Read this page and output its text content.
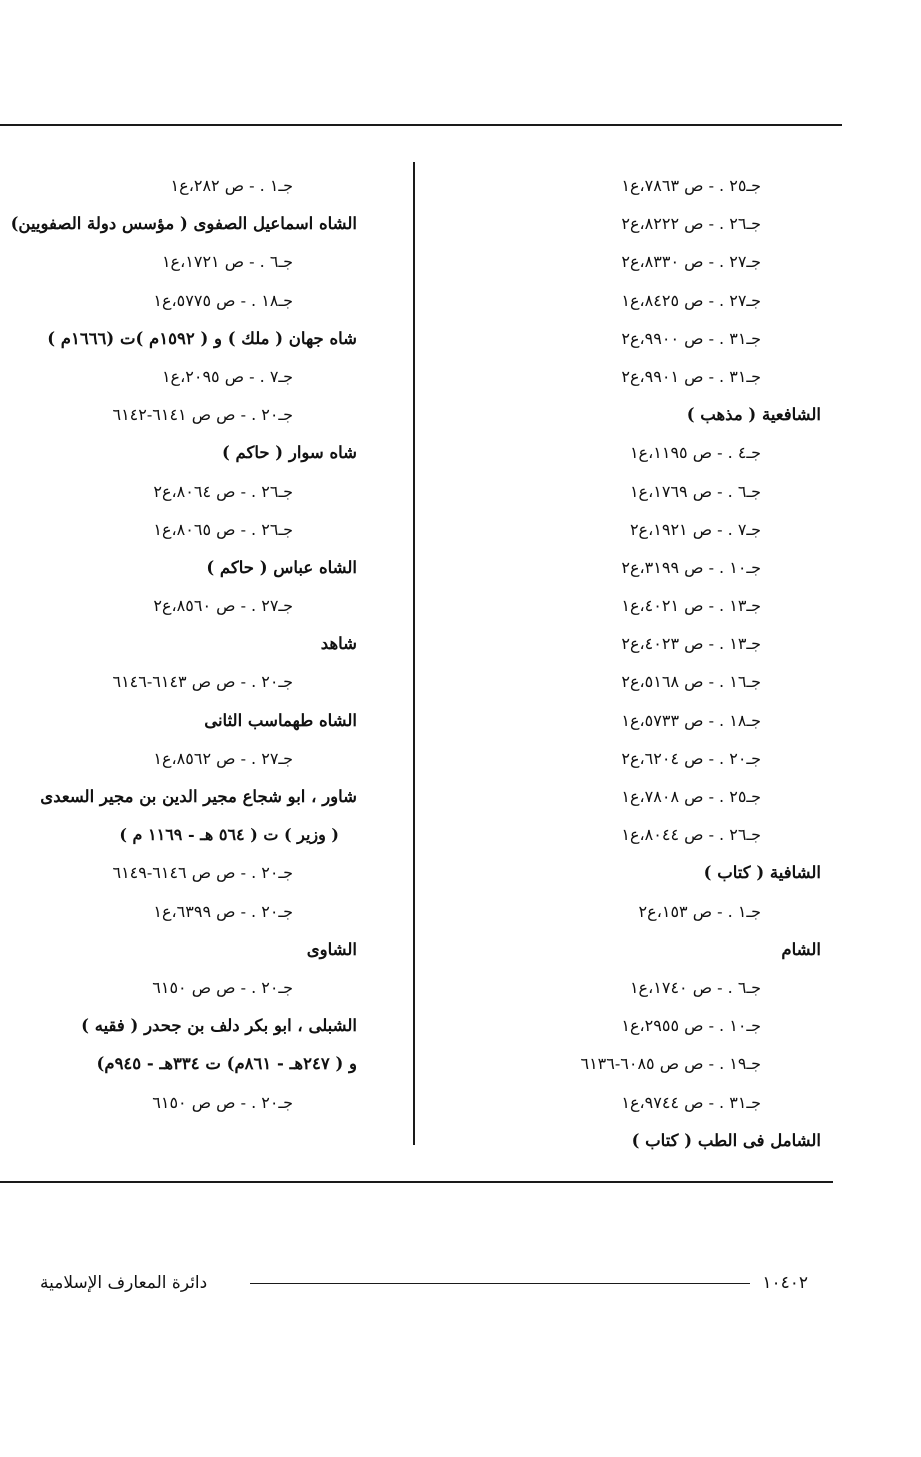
جـ٢٥ . - ص ٧٨٦٣،ع١
جـ٢٦ . - ص ٨٢٢٢،ع٢
جـ٢٧ . - ص ٨٣٣٠،ع٢
جـ٢٧ . - ص ٨٤٢٥،ع١
جـ٣١ . - ص ٩٩٠٠،ع٢
جـ٣١ . - ص ٩٩٠١،ع٢
الشافعية ( مذهب )
جـ٤ . - ص ١١٩٥،ع١
جـ٦ . - ص ١٧٦٩،ع١
جـ٧ . - ص ١٩٢١،ع٢
جـ١٠ . - ص ٣١٩٩،ع٢
جـ١٣ . - ص ٤٠٢١،ع١
جـ١٣ . - ص ٤٠٢٣،ع٢
جـ١٦ . - ص ٥١٦٨،ع٢
جـ١٨ . - ص ٥٧٣٣،ع١
جـ٢٠ . - ص ٦٢٠٤،ع٢
جـ٢٥ . - ص ٧٨٠٨،ع١
جـ٢٦ . - ص ٨٠٤٤،ع١
الشافية ( كتاب )
جـ١ . - ص ١٥٣،ع٢
الشام
جـ٦ . - ص ١٧٤٠،ع١
جـ١٠ . - ص ٢٩٥٥،ع١
جـ١٩ . - ص ص ٦٠٨٥-٦١٣٦
جـ٣١ . - ص ٩٧٤٤،ع١
الشامل فى الطب ( كتاب )
جـ١ . - ص ٢٨٢،ع١
الشاه اسماعيل الصفوى ( مؤسس دولة الصفويين)
جـ٦ . - ص ١٧٢١،ع١
جـ١٨ . - ص ٥٧٧٥،ع١
شاه جهان ( ملك ) و ( ١٥٩٢م )ت (١٦٦٦م )
جـ٧ . - ص ٢٠٩٥،ع١
جـ٢٠ . - ص ص ٦١٤١-٦١٤٢
شاه سوار ( حاكم )
جـ٢٦ . - ص ٨٠٦٤،ع٢
جـ٢٦ . - ص ٨٠٦٥،ع١
الشاه عباس ( حاكم )
جـ٢٧ . - ص ٨٥٦٠،ع٢
شاهد
جـ٢٠ . - ص ص ٦١٤٣-٦١٤٦
الشاه طهماسب الثانى
جـ٢٧ . - ص ٨٥٦٢،ع١
شاور ، ابو شجاع مجير الدين بن مجير السعدى
( وزير ) ت ( ٥٦٤ هـ - ١١٦٩ م )
جـ٢٠ . - ص ص ٦١٤٦-٦١٤٩
جـ٢٠ . - ص ٦٣٩٩،ع١
الشاوى
جـ٢٠ . - ص ص ٦١٥٠
الشبلى ، ابو بكر دلف بن جحدر ( فقيه )
و ( ٢٤٧هـ - ٨٦١م) ت ٣٣٤هـ - ٩٤٥م)
جـ٢٠ . - ص ص ٦١٥٠
١٠٤٠٢
دائرة المعارف الإسلامية
